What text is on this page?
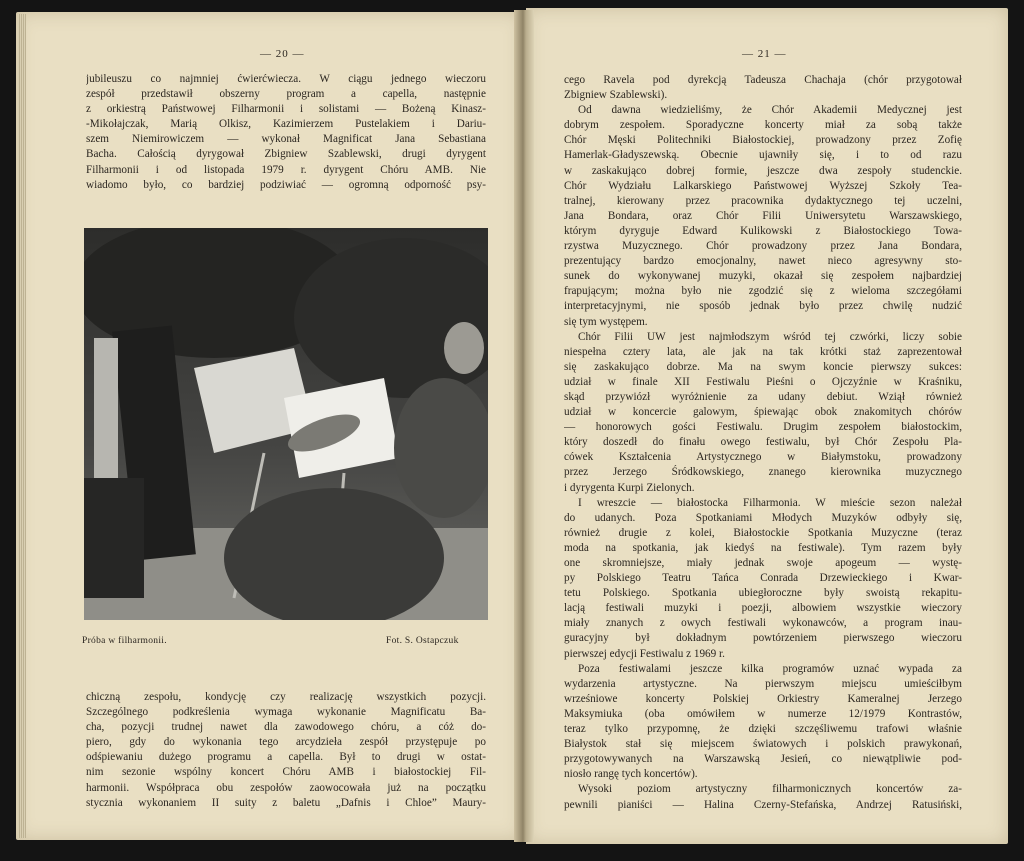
— 20 —	— 21 —
jubileuszu co najmniej ćwierćwiecza. W ciągu jednego wieczoru
zespół przedstawił obszerny program a capella, następnie
z orkiestrą Państwowej Filharmonii i solistami — Bożeną Kinasz-
-Mikołajczak, Marią Olkisz, Kazimierzem Pustelakiem i Dariu-
szem Niemirowiczem — wykonał Magnificat Jana Sebastiana
Bacha. Całością dyrygował Zbigniew Szablewski, drugi dyrygent
Filharmonii i od listopada 1979 r. dyrygent Chóru AMB. Nie
wiadomo było, co bardziej podziwiać — ogromną odporność psy-
Próba w filharmonii.	Fot. S. Ostapczuk
chiczną zespołu, kondycję czy realizację wszystkich pozycji.
Szczególnego podkreślenia wymaga wykonanie Magnificatu Ba-
cha, pozycji trudnej nawet dla zawodowego chóru, a cóż do-
piero, gdy do wykonania tego arcydzieła zespół przystępuje po
odśpiewaniu dużego programu a capella. Był to drugi w ostat-
nim sezonie wspólny koncert Chóru AMB i białostockiej Fil-
harmonii. Współpraca obu zespołów zaowocowała już na początku
stycznia wykonaniem II suity z baletu „Dafnis i Chloe” Maury-
cego Ravela pod dyrekcją Tadeusza Chachaja (chór przygotował
Zbigniew Szablewski).
Od dawna wiedzieliśmy, że Chór Akademii Medycznej jest
dobrym zespołem. Sporadyczne koncerty miał za sobą także
Chór Męski Politechniki Białostockiej, prowadzony przez Zofię
Hamerlak-Gładyszewską. Obecnie ujawniły się, i to od razu
w zaskakująco dobrej formie, jeszcze dwa zespoły studenckie.
Chór Wydziału Lalkarskiego Państwowej Wyższej Szkoły Tea-
tralnej, kierowany przez pracownika dydaktycznego tej uczelni,
Jana Bondara, oraz Chór Filii Uniwersytetu Warszawskiego,
którym dyryguje Edward Kulikowski z Białostockiego Towa-
rzystwa Muzycznego. Chór prowadzony przez Jana Bondara,
prezentujący bardzo emocjonalny, nawet nieco agresywny sto-
sunek do wykonywanej muzyki, okazał się zespołem najbardziej
frapującym; można było nie zgodzić się z wieloma szczegółami
interpretacyjnymi, nie sposób jednak było przez chwilę nudzić
się tym występem.
Chór Filii UW jest najmłodszym wśród tej czwórki, liczy sobie
niespełna cztery lata, ale jak na tak krótki staż zaprezentował
się zaskakująco dobrze. Ma na swym koncie pierwszy sukces:
udział w finale XII Festiwalu Pieśni o Ojczyźnie w Kraśniku,
skąd przywiózł wyróżnienie za udany debiut. Wziął również
udział w koncercie galowym, śpiewając obok znakomitych chórów
— honorowych gości Festiwalu. Drugim zespołem białostockim,
który doszedł do finału owego festiwalu, był Chór Zespołu Pla-
cówek Kształcenia Artystycznego w Białymstoku, prowadzony
przez Jerzego Śródkowskiego, znanego kierownika muzycznego
i dyrygenta Kurpi Zielonych.
I wreszcie — białostocka Filharmonia. W mieście sezon należał
do udanych. Poza Spotkaniami Młodych Muzyków odbyły się,
również drugie z kolei, Białostockie Spotkania Muzyczne (teraz
moda na spotkania, jak kiedyś na festiwale). Tym razem były
one skromniejsze, miały jednak swoje apogeum — wystę-
py Polskiego Teatru Tańca Conrada Drzewieckiego i Kwar-
tetu Polskiego. Spotkania ubiegłoroczne były swoistą rekapitu-
lacją festiwali muzyki i poezji, albowiem wszystkie wieczory
miały znanych z owych festiwali wykonawców, a program inau-
guracyjny był dokładnym powtórzeniem pierwszego wieczoru
pierwszej edycji Festiwalu z 1969 r.
Poza festiwalami jeszcze kilka programów uznać wypada za
wydarzenia artystyczne. Na pierwszym miejscu umieściłbym
wrześniowe koncerty Polskiej Orkiestry Kameralnej Jerzego
Maksymiuka (oba omówiłem w numerze 12/1979 Kontrastów,
teraz tylko przypomnę, że dzięki szczęśliwemu trafowi właśnie
Białystok stał się miejscem światowych i polskich prawykonań,
przygotowywanych na Warszawską Jesień, co niewątpliwie pod-
niosło rangę tych koncertów).
Wysoki poziom artystyczny filharmonicznych koncertów za-
pewnili pianiści — Halina Czerny-Stefańska, Andrzej Ratusiński,
